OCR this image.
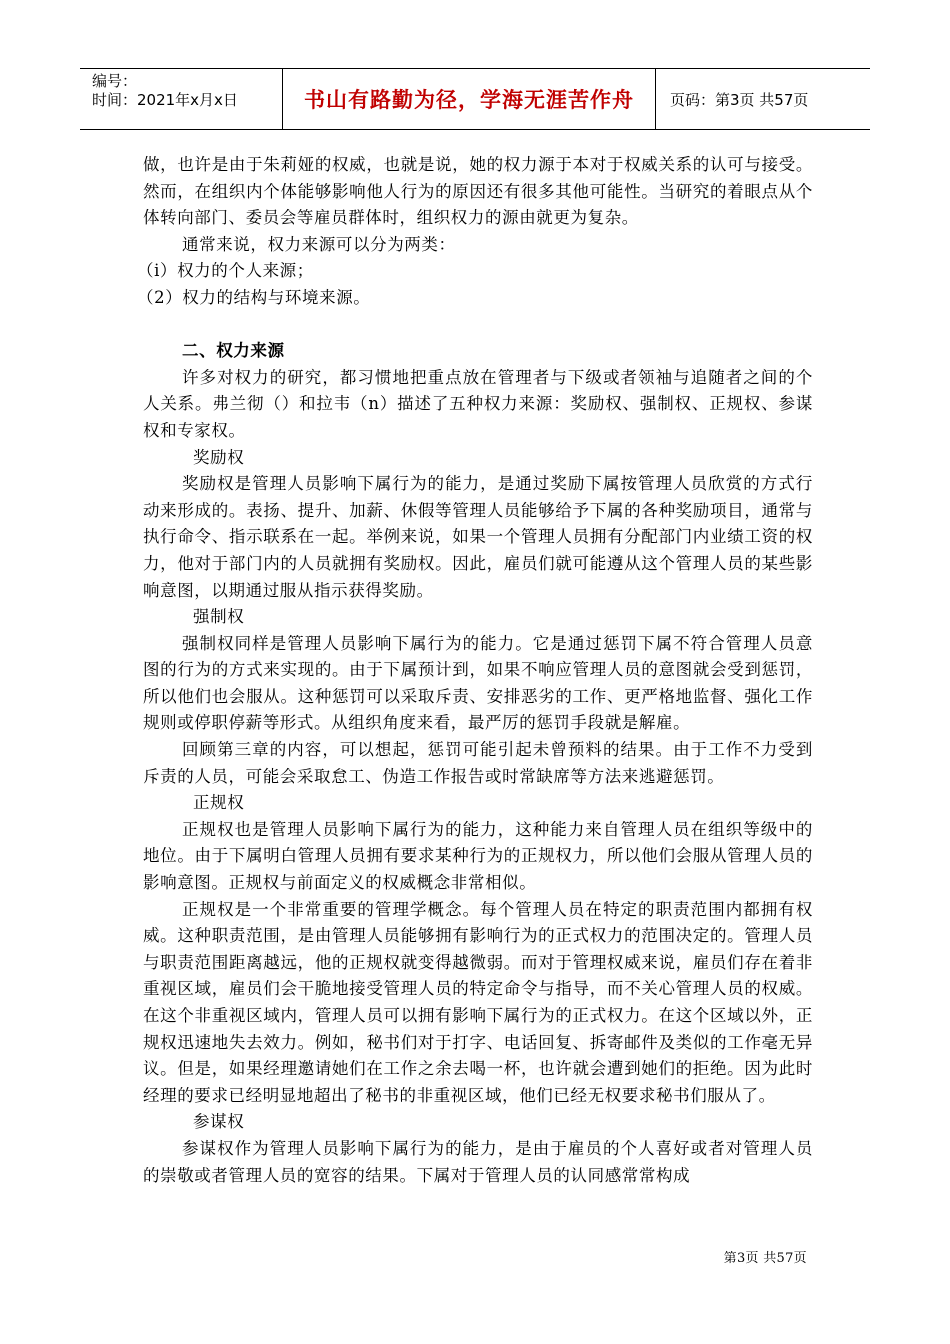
编号：
时间：2021年x月x日	书山有路勤为径，学海无涯苦作舟	页码：第3页 共57页

做，也许是由于朱莉娅的权威，也就是说，她的权力源于本对于权威关系的认可与接受。然而，在组织内个体能够影响他人行为的原因还有很多其他可能性。当研究的着眼点从个体转向部门、委员会等雇员群体时，组织权力的源由就更为复杂。

通常来说，权力来源可以分为两类：

（i）权力的个人来源；

（2）权力的结构与环境来源。

二、权力来源

许多对权力的研究，都习惯地把重点放在管理者与下级或者领袖与追随者之间的个人关系。弗兰彻（）和拉韦（n）描述了五种权力来源：奖励权、强制权、正规权、参谋权和专家权。

奖励权

奖励权是管理人员影响下属行为的能力，是通过奖励下属按管理人员欣赏的方式行动来形成的。表扬、提升、加薪、休假等管理人员能够给予下属的各种奖励项目，通常与执行命令、指示联系在一起。举例来说，如果一个管理人员拥有分配部门内业绩工资的权力，他对于部门内的人员就拥有奖励权。因此，雇员们就可能遵从这个管理人员的某些影响意图，以期通过服从指示获得奖励。

强制权

强制权同样是管理人员影响下属行为的能力。它是通过惩罚下属不符合管理人员意图的行为的方式来实现的。由于下属预计到，如果不响应管理人员的意图就会受到惩罚，所以他们也会服从。这种惩罚可以采取斥责、安排恶劣的工作、更严格地监督、强化工作规则或停职停薪等形式。从组织角度来看，最严厉的惩罚手段就是解雇。

回顾第三章的内容，可以想起，惩罚可能引起未曾预料的结果。由于工作不力受到斥责的人员，可能会采取怠工、伪造工作报告或时常缺席等方法来逃避惩罚。

正规权

正规权也是管理人员影响下属行为的能力，这种能力来自管理人员在组织等级中的地位。由于下属明白管理人员拥有要求某种行为的正规权力，所以他们会服从管理人员的影响意图。正规权与前面定义的权威概念非常相似。

正规权是一个非常重要的管理学概念。每个管理人员在特定的职责范围内都拥有权威。这种职责范围，是由管理人员能够拥有影响行为的正式权力的范围决定的。管理人员与职责范围距离越远，他的正规权就变得越微弱。而对于管理权威来说，雇员们存在着非重视区域，雇员们会干脆地接受管理人员的特定命令与指导，而不关心管理人员的权威。在这个非重视区域内，管理人员可以拥有影响下属行为的正式权力。在这个区域以外，正规权迅速地失去效力。例如，秘书们对于打字、电话回复、拆寄邮件及类似的工作毫无异议。但是，如果经理邀请她们在工作之余去喝一杯，也许就会遭到她们的拒绝。因为此时经理的要求已经明显地超出了秘书的非重视区域，他们已经无权要求秘书们服从了。

参谋权

参谋权作为管理人员影响下属行为的能力，是由于雇员的个人喜好或者对管理人员的崇敬或者管理人员的宽容的结果。下属对于管理人员的认同感常常构成

第3页 共57页
